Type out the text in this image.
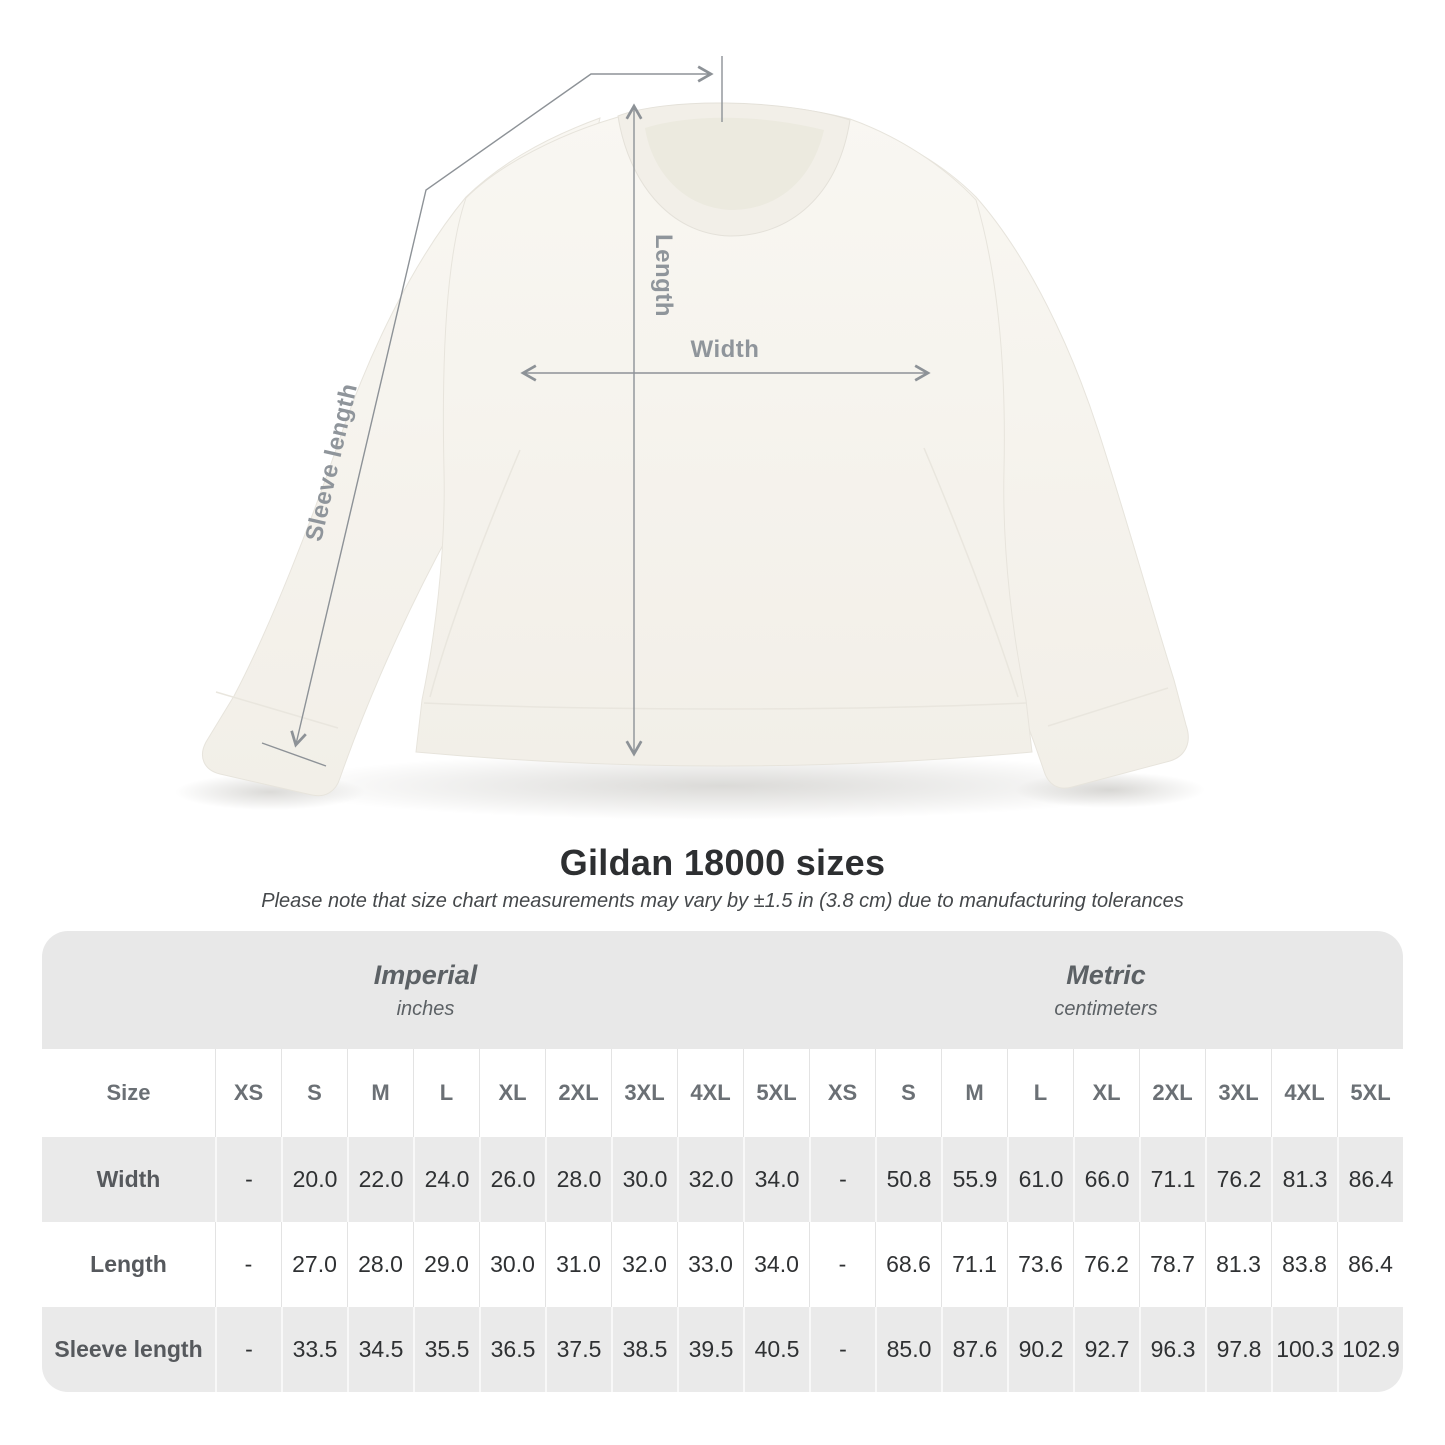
Sleeve length
Length
Width
Gildan 18000 sizes

Please note that size chart measurements may vary by ±1.5 in (3.8 cm) due to manufacturing tolerances

Imperial
inches
Metric
centimeters
Size	XS	S	M	L	XL	2XL	3XL	4XL	5XL	XS	S	M	L	XL	2XL	3XL	4XL	5XL
Width	-	20.0 22.0 24.0 26.0 28.0 30.0 32.0 34.0	-	50.8 55.9 61.0 66.0 71.1 76.2 81.3 86.4
Length	-	27.0 28.0 29.0 30.0 31.0 32.0 33.0 34.0	-	68.6 71.1 73.6 76.2 78.7 81.3 83.8 86.4
Sleeve length	-	33.5 34.5 35.5 36.5 37.5 38.5 39.5 40.5	-	85.0 87.6 90.2 92.7 96.3 97.8 100.3 102.9
